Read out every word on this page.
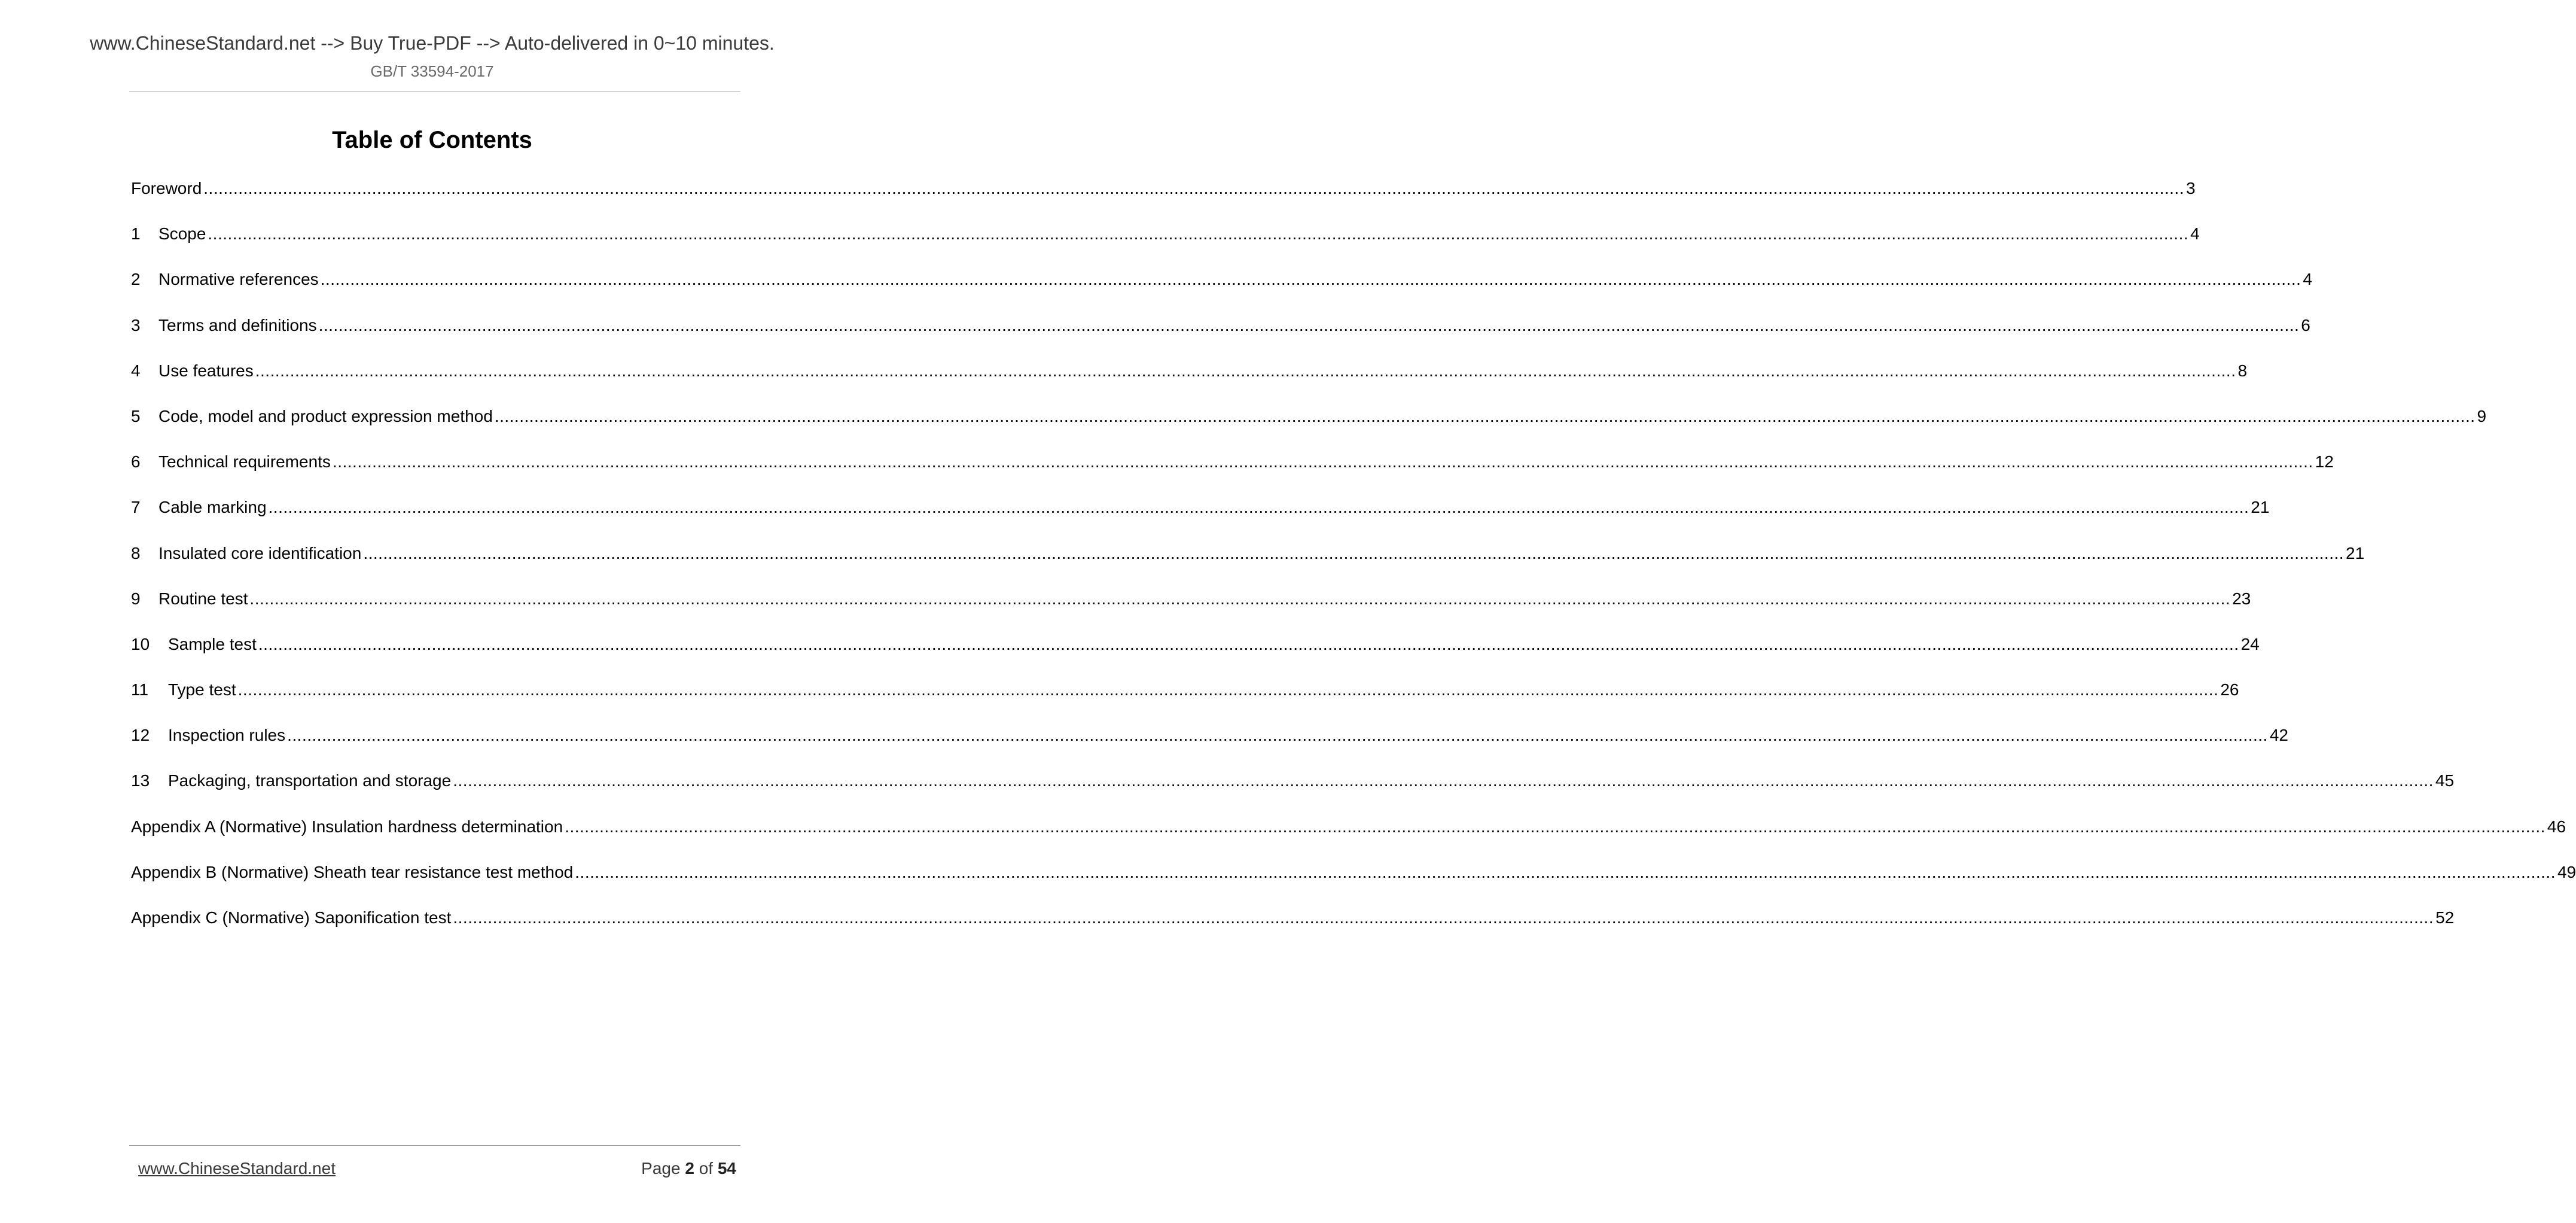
www.ChineseStandard.net --> Buy True-PDF --> Auto-delivered in 0~10 minutes.
GB/T 33594-2017
Table of Contents
Foreword ................................................................................................................................................................................................................................................................................................................................................................................................................ 3
1	Scope ................................................................................................................................................................................................................................................................................................................................................................................................................ 4
2	Normative references ................................................................................................................................................................................................................................................................................................................................................................................................................ 4
3	Terms and definitions ................................................................................................................................................................................................................................................................................................................................................................................................................ 6
4	Use features ................................................................................................................................................................................................................................................................................................................................................................................................................ 8
5	Code, model and product expression method ................................................................................................................................................................................................................................................................................................................................................................................................................ 9
6	Technical requirements ................................................................................................................................................................................................................................................................................................................................................................................................................ 12
7	Cable marking ................................................................................................................................................................................................................................................................................................................................................................................................................ 21
8	Insulated core identification ................................................................................................................................................................................................................................................................................................................................................................................................................ 21
9	Routine test ................................................................................................................................................................................................................................................................................................................................................................................................................ 23
10	Sample test ................................................................................................................................................................................................................................................................................................................................................................................................................ 24
11	Type test ................................................................................................................................................................................................................................................................................................................................................................................................................ 26
12	Inspection rules ................................................................................................................................................................................................................................................................................................................................................................................................................ 42
13	Packaging, transportation and storage ................................................................................................................................................................................................................................................................................................................................................................................................................ 45
Appendix A (Normative) Insulation hardness determination ................................................................................................................................................................................................................................................................................................................................................................................................................ 46
Appendix B (Normative) Sheath tear resistance test method ................................................................................................................................................................................................................................................................................................................................................................................................................ 49
Appendix C (Normative) Saponification test ................................................................................................................................................................................................................................................................................................................................................................................................................ 52
www.ChineseStandard.net	Page 2 of 54
